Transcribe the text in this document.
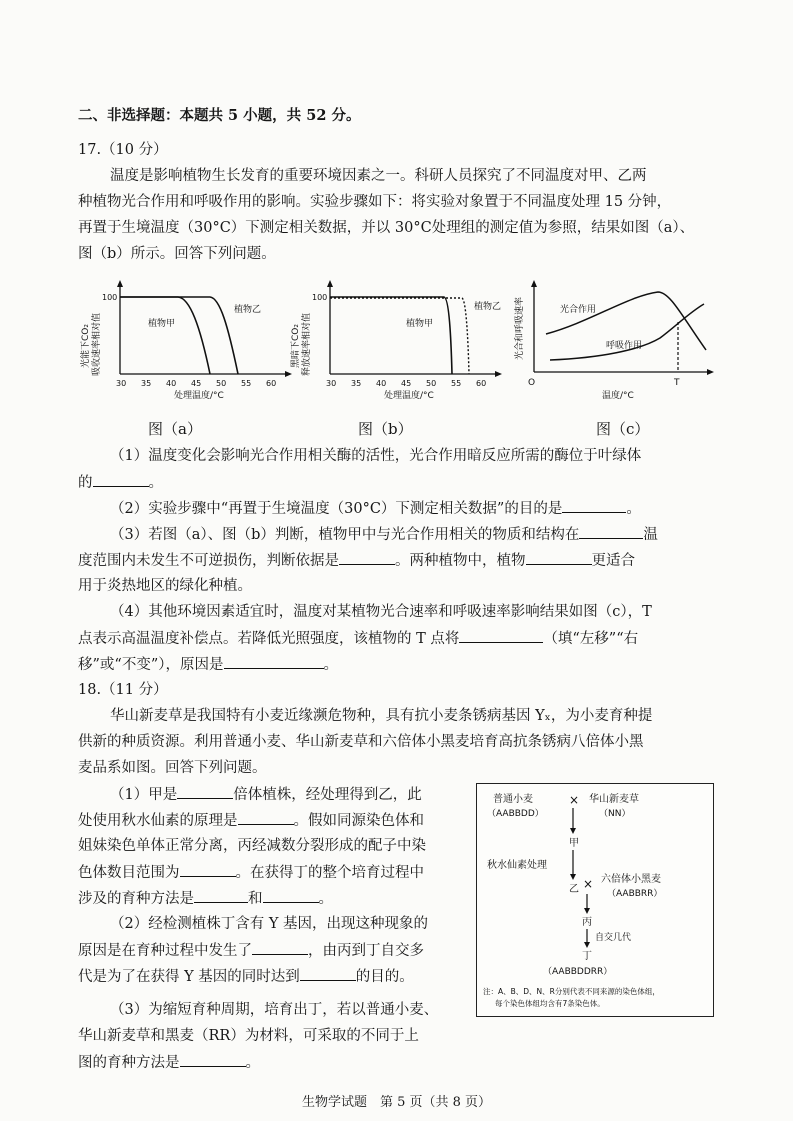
二、非选择题：本题共 5 小题，共 52 分。
17.（10 分）
温度是影响植物生长发育的重要环境因素之一。科研人员探究了不同温度对甲、乙两
种植物光合作用和呼吸作用的影响。实验步骤如下：将实验对象置于不同温度处理 15 分钟，
再置于生境温度（30°C）下测定相关数据，并以 30°C处理组的测定值为参照，结果如图（a）、
图（b）所示。回答下列问题。
光能下CO₂ 吸收速率相对值
100
植物甲
植物乙
30 35 40 45 50 55 60
处理温度/°C
图（a）
黑暗下CO₂ 释放速率相对值
100
植物甲
植物乙
30 35 40 45 50 55 60
处理温度/°C
图（b）
光合和呼吸速率	光合作用
呼吸作用
O	T
温度/°C
图（c）
（1）温度变化会影响光合作用相关酶的活性，光合作用暗反应所需的酶位于叶绿体
的	。
（2）实验步骤中“再置于生境温度（30°C）下测定相关数据”的目的是	。
（3）若图（a）、图（b）判断，植物甲中与光合作用相关的物质和结构在	温
度范围内未发生不可逆损伤，判断依据是	。两种植物中，植物	更适合
用于炎热地区的绿化种植。
（4）其他环境因素适宜时，温度对某植物光合速率和呼吸速率影响结果如图（c），T
点表示高温温度补偿点。若降低光照强度，该植物的 T 点将	（填“左移”“右
移”或“不变”），原因是	。
18.（11 分）
华山新麦草是我国特有小麦近缘濒危物种，具有抗小麦条锈病基因 Yₓ，为小麦育种提
供新的种质资源。利用普通小麦、华山新麦草和六倍体小黑麦培育高抗条锈病八倍体小黑
麦品系如图。回答下列问题。
（1）甲是	倍体植株，经处理得到乙，此
处使用秋水仙素的原理是	。假如同源染色体和
姐妹染色单体正常分离，丙经减数分裂形成的配子中染
色体数目范围为	。在获得丁的整个培育过程中
涉及的育种方法是	和	。
（2）经检测植株丁含有 Y 基因，出现这种现象的
原因是在育种过程中发生了	，由丙到丁自交多
代是为了在获得 Y 基因的同时达到	的目的。
（3）为缩短育种周期，培育出丁，若以普通小麦、
华山新麦草和黑麦（RR）为材料，可采取的不同于上
图的育种方法是	。
普通小麦
（AABBDD）
× 华山新麦草
（NN）
甲
秋水仙素处理
乙 × 六倍体小黑麦
（AABBRR）
丙
自交几代
丁
（AABBDDRR）
注：A、B、D、N、R分别代表不同来源的染色体组，
每个染色体组均含有7条染色体。
生物学试题　第 5 页（共 8 页）
